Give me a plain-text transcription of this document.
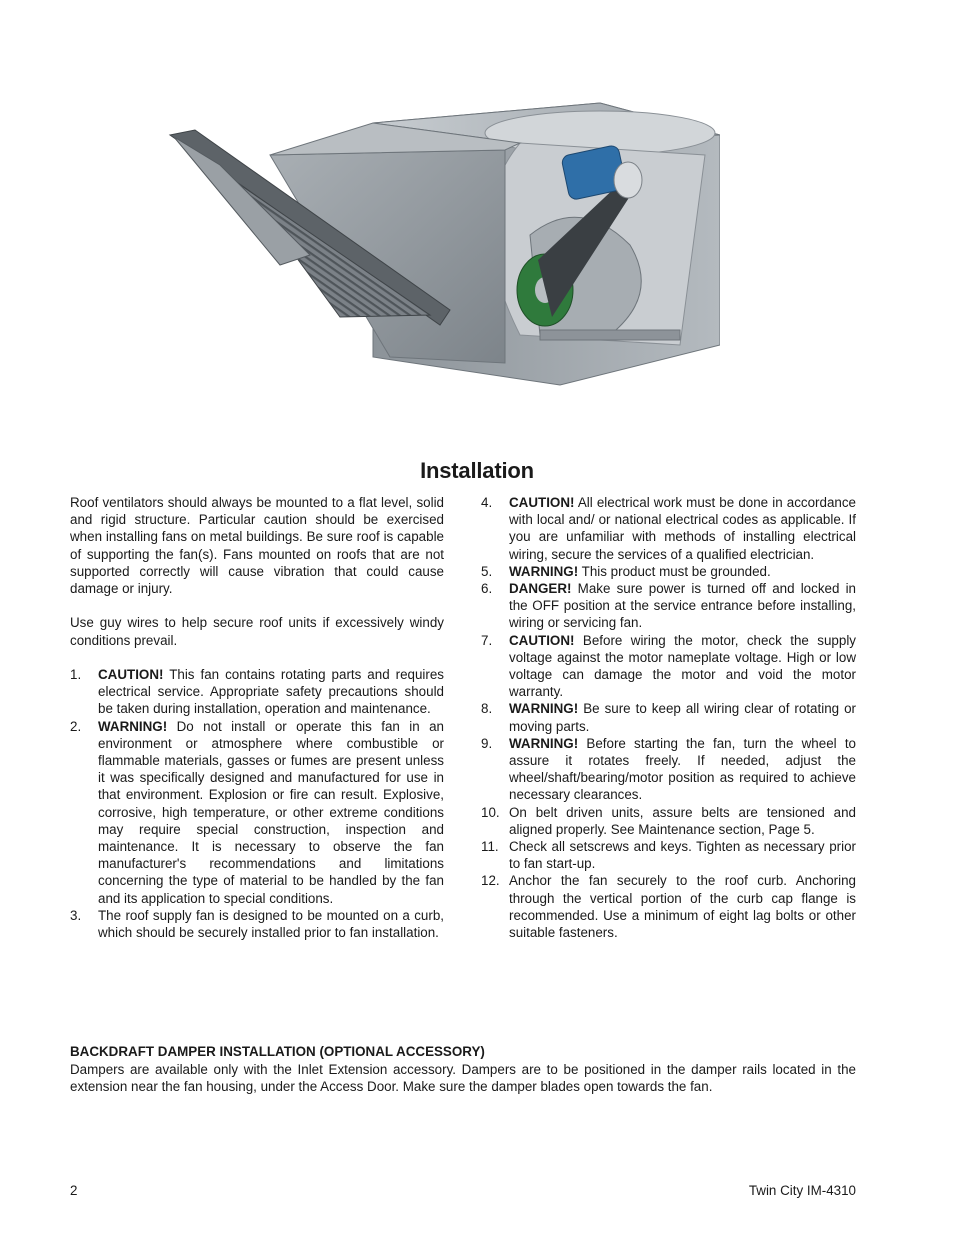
Installation

Roof ventilators should always be mounted to a flat level, solid and rigid structure. Particular caution should be exercised when installing fans on metal buildings. Be sure roof is capable of supporting the fan(s). Fans mounted on roofs that are not supported correctly will cause vibration that could cause damage or injury.

Use guy wires to help secure roof units if excessively windy conditions prevail.

1. CAUTION! This fan contains rotating parts and requires electrical service. Appropriate safety precautions should be taken during installation, operation and maintenance.
2. WARNING! Do not install or operate this fan in an environment or atmosphere where combustible or flammable materials, gasses or fumes are present unless it was specifically designed and manufactured for use in that environment. Explosion or fire can result. Explosive, corrosive, high temperature, or other extreme conditions may require special construction, inspection and maintenance. It is necessary to observe the fan manufacturer's recommendations and limitations concerning the type of material to be handled by the fan and its application to special conditions.
3. The roof supply fan is designed to be mounted on a curb, which should be securely installed prior to fan installation.
4. CAUTION! All electrical work must be done in accordance with local and/ or national electrical codes as applicable. If you are unfamiliar with methods of installing electrical wiring, secure the services of a qualified electrician.
5. WARNING! This product must be grounded.
6. DANGER! Make sure power is turned off and locked in the OFF position at the service entrance before installing, wiring or servicing fan.
7. CAUTION! Before wiring the motor, check the supply voltage against the motor nameplate voltage. High or low voltage can damage the motor and void the motor warranty.
8. WARNING! Be sure to keep all wiring clear of rotating or moving parts.
9. WARNING! Before starting the fan, turn the wheel to assure it rotates freely. If needed, adjust the wheel/shaft/bearing/motor position as required to achieve necessary clearances.
10. On belt driven units, assure belts are tensioned and aligned properly. See Maintenance section, Page 5.
11. Check all setscrews and keys. Tighten as necessary prior to fan start-up.
12. Anchor the fan securely to the roof curb. Anchoring through the vertical portion of the curb cap flange is recommended. Use a minimum of eight lag bolts or other suitable fasteners.
BACKDRAFT DAMPER INSTALLATION (OPTIONAL ACCESSORY)

Dampers are available only with the Inlet Extension accessory. Dampers are to be positioned in the damper rails located in the extension near the fan housing, under the Access Door. Make sure the damper blades open towards the fan.

2	Twin City IM-4310
